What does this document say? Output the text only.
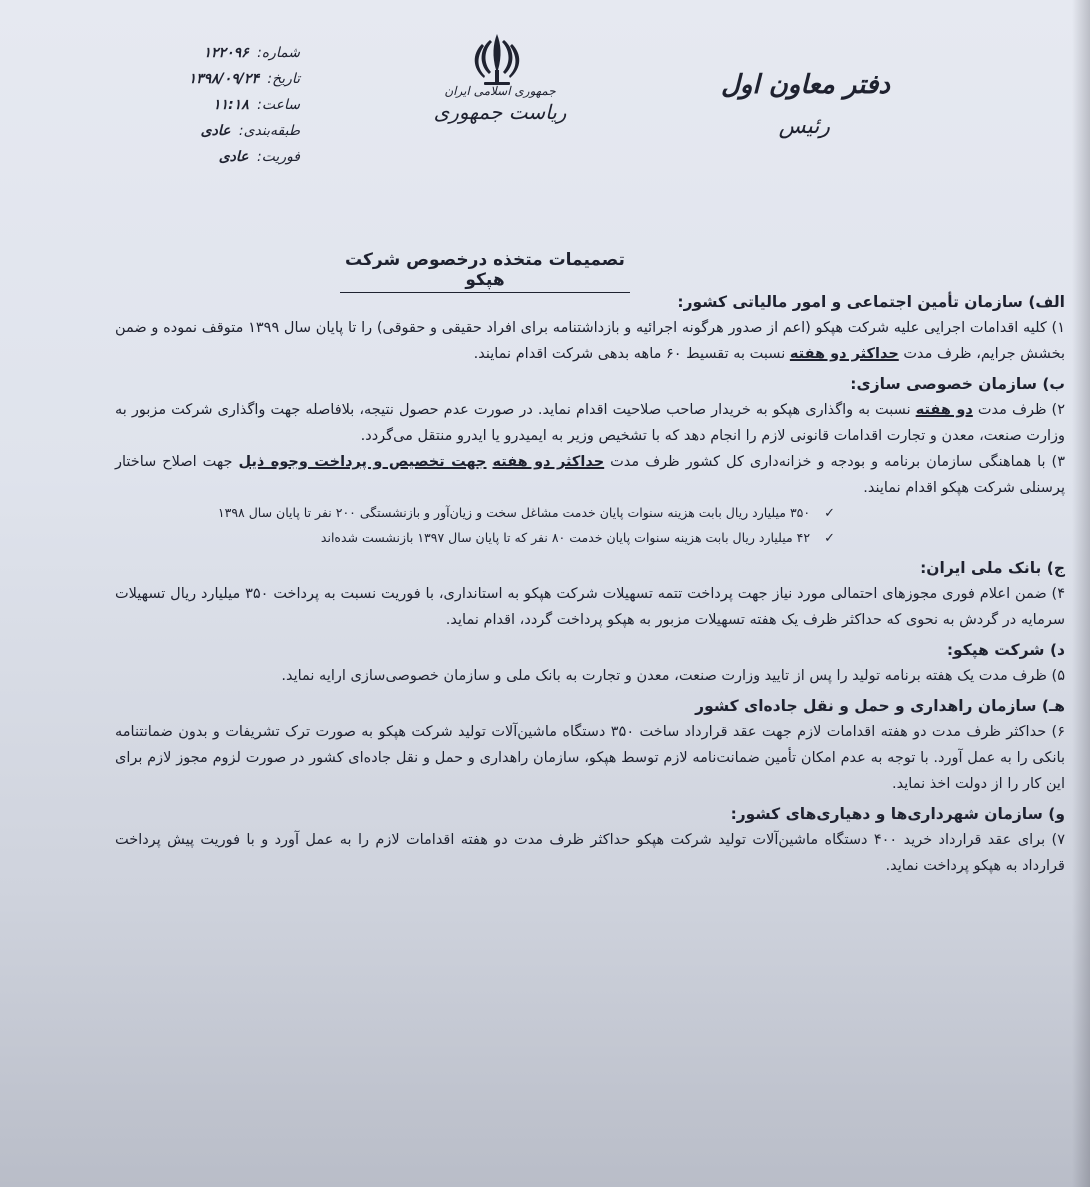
شماره: ۱۲۲۰۹۶
تاریخ: ۱۳۹۸/۰۹/۲۴
ساعت: ۱۱:۱۸
طبقه‌بندی: عادی
فوریت: عادی
جمهوری اسلامی ایران
ریاست جمهوری
دفتر معاون اول
رئیس
تصمیمات متخذه درخصوص شرکت هپکو
الف) سازمان تأمین اجتماعی و امور مالیاتی کشور:

۱) کلیه اقدامات اجرایی علیه شرکت هپکو (اعم از صدور هرگونه اجرائیه و بازداشتنامه برای افراد حقیقی و حقوقی) را تا پایان سال ۱۳۹۹ متوقف نموده و ضمن بخشش جرایم، ظرف مدت حداکثر دو هفته نسبت به تقسیط ۶۰ ماهه بدهی شرکت اقدام نمایند.

ب) سازمان خصوصی سازی:

۲) ظرف مدت دو هفته نسبت به واگذاری هپکو به خریدار صاحب صلاحیت اقدام نماید. در صورت عدم حصول نتیجه، بلافاصله جهت واگذاری شرکت مزبور به وزارت صنعت، معدن و تجارت اقدامات قانونی لازم را انجام دهد که با تشخیص وزیر به ایمیدرو یا ایدرو منتقل می‌گردد.

۳) با هماهنگی سازمان برنامه و بودجه و خزانه‌داری کل کشور ظرف مدت حداکثر دو هفته جهت تخصیص و پرداخت وجوه ذیل جهت اصلاح ساختار پرسنلی شرکت هپکو اقدام نمایند.

✓ ۳۵۰ میلیارد ریال بابت هزینه سنوات پایان خدمت مشاغل سخت و زیان‌آور و بازنشستگی ۲۰۰ نفر تا پایان سال ۱۳۹۸
✓ ۴۲ میلیارد ریال بابت هزینه سنوات پایان خدمت ۸۰ نفر که تا پایان سال ۱۳۹۷ بازنشست شده‌اند
ج) بانک ملی ایران:

۴) ضمن اعلام فوری مجوزهای احتمالی مورد نیاز جهت پرداخت تتمه تسهیلات شرکت هپکو به استانداری، با فوریت نسبت به پرداخت ۳۵۰ میلیارد ریال تسهیلات سرمایه در گردش به نحوی که حداکثر ظرف یک هفته تسهیلات مزبور به هپکو پرداخت گردد، اقدام نماید.

د) شرکت هپکو:

۵) ظرف مدت یک هفته برنامه تولید را پس از تایید وزارت صنعت، معدن و تجارت به بانک ملی و سازمان خصوصی‌سازی ارایه نماید.

هـ) سازمان راهداری و حمل و نقل جاده‌ای کشور

۶) حداکثر ظرف مدت دو هفته اقدامات لازم جهت عقد قرارداد ساخت ۳۵۰ دستگاه ماشین‌آلات تولید شرکت هپکو به صورت ترک تشریفات و بدون ضمانتنامه بانکی را به عمل آورد. با توجه به عدم امکان تأمین ضمانت‌نامه لازم توسط هپکو، سازمان راهداری و حمل و نقل جاده‌ای کشور در صورت لزوم مجوز لازم برای این کار را از دولت اخذ نماید.

و) سازمان شهرداری‌ها و دهیاری‌های کشور:

۷) برای عقد قرارداد خرید ۴۰۰ دستگاه ماشین‌آلات تولید شرکت هپکو حداکثر ظرف مدت دو هفته اقدامات لازم را به عمل آورد و با فوریت پیش پرداخت قرارداد به هپکو پرداخت نماید.
